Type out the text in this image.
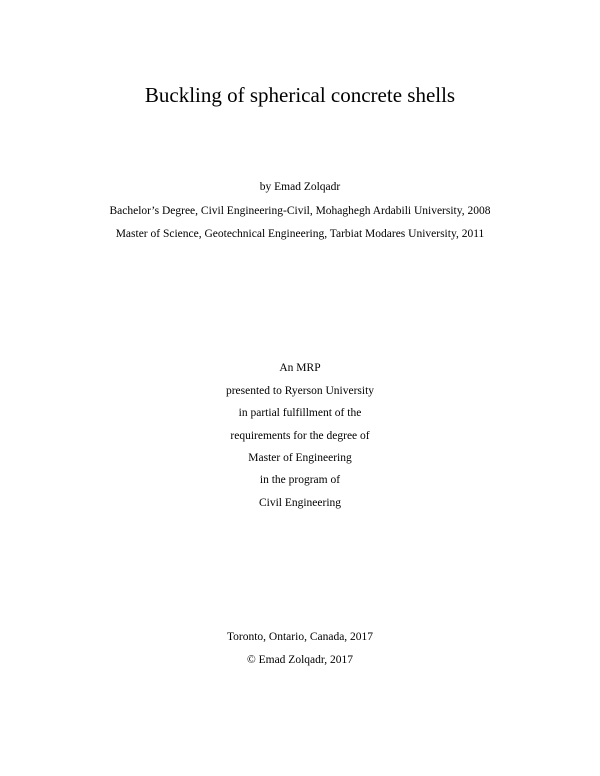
Buckling of spherical concrete shells
by Emad Zolqadr
Bachelor’s Degree, Civil Engineering-Civil, Mohaghegh Ardabili University, 2008
Master of Science, Geotechnical Engineering, Tarbiat Modares University, 2011
An MRP
presented to Ryerson University
in partial fulfillment of the
requirements for the degree of
Master of Engineering
in the program of
Civil Engineering
Toronto, Ontario, Canada, 2017
© Emad Zolqadr, 2017
